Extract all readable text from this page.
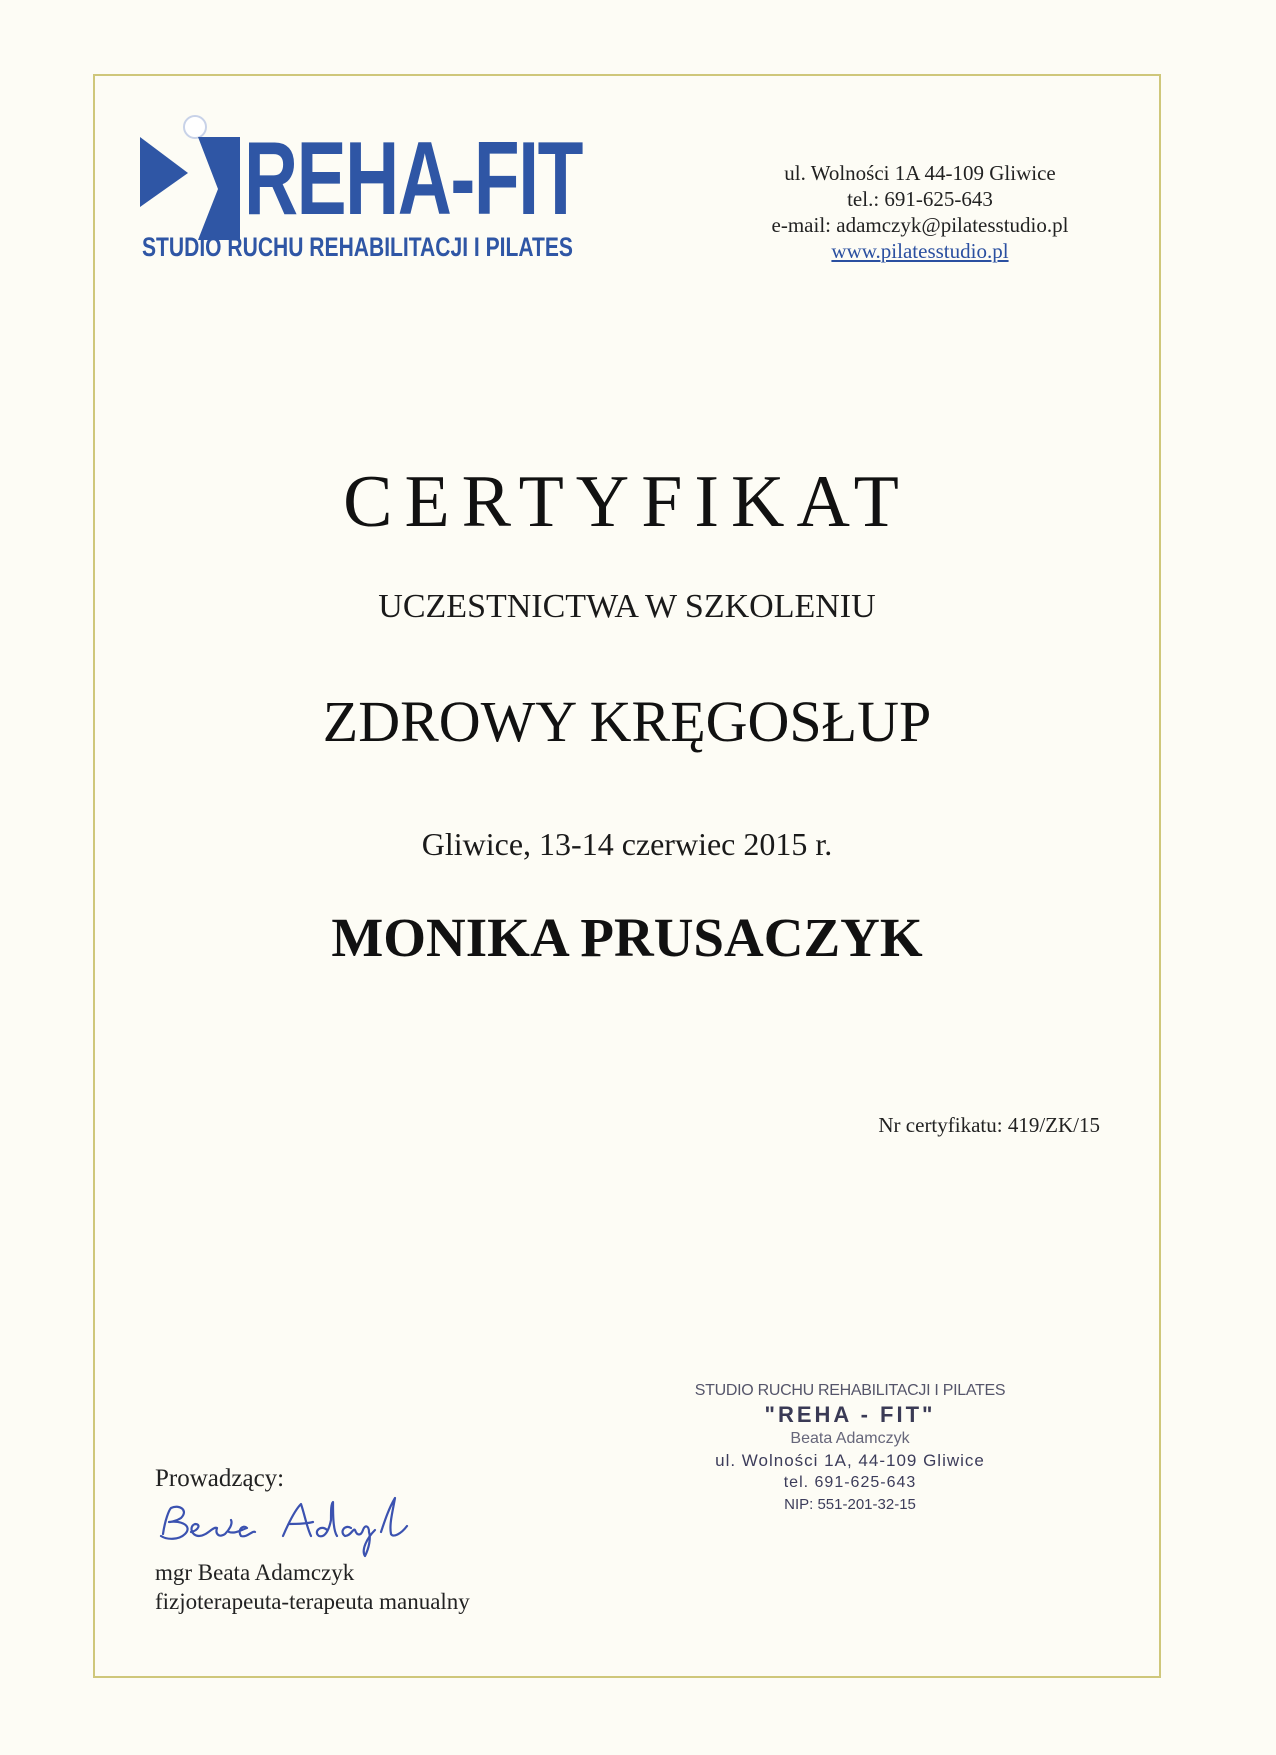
REHA-FIT
STUDIO RUCHU REHABILITACJI I PILATES
ul. Wolności 1A 44-109 Gliwice
tel.: 691-625-643
e-mail: adamczyk@pilatesstudio.pl
www.pilatesstudio.pl
CERTYFIKAT
UCZESTNICTWA W SZKOLENIU
ZDROWY KRĘGOSŁUP
Gliwice, 13-14 czerwiec 2015 r.
MONIKA PRUSACZYK
Nr certyfikatu: 419/ZK/15
STUDIO RUCHU REHABILITACJI I PILATES
"REHA - FIT"
Beata Adamczyk
ul. Wolności 1A, 44-109 Gliwice
tel. 691-625-643
NIP: 551-201-32-15
Prowadzący:
mgr Beata Adamczyk
fizjoterapeuta-terapeuta manualny
